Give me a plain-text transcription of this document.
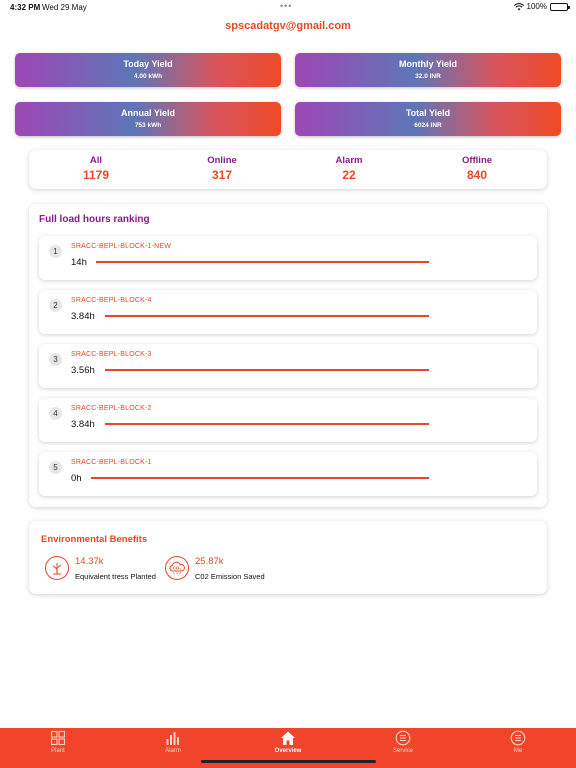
4:32 PM Wed 29 May	•••	100%
spscadatgv@gmail.com
Today Yield
4.00 kWh
Monthly Yield
32.0 INR
Annual Yield
753 kWh
Total Yield
6024 INR
All
1179
Online
317
Alarm
22
Offline
840
Full load hours ranking
1
SRACC-BEPL-BLOCK-1-NEW
14h
2
SRACC-BEPL-BLOCK-4
3.84h
3
SRACC-BEPL-BLOCK-3
3.56h
4
SRACC-BEPL-BLOCK-2
3.84h
5
SRACC-BEPL-BLOCK-1
0h
Environmental Benefits
14.37k
Equivalent tress Planted
CO₂
25.87k
C02 Emission Saved
Plant	Alarm	Overview	Service	Me
